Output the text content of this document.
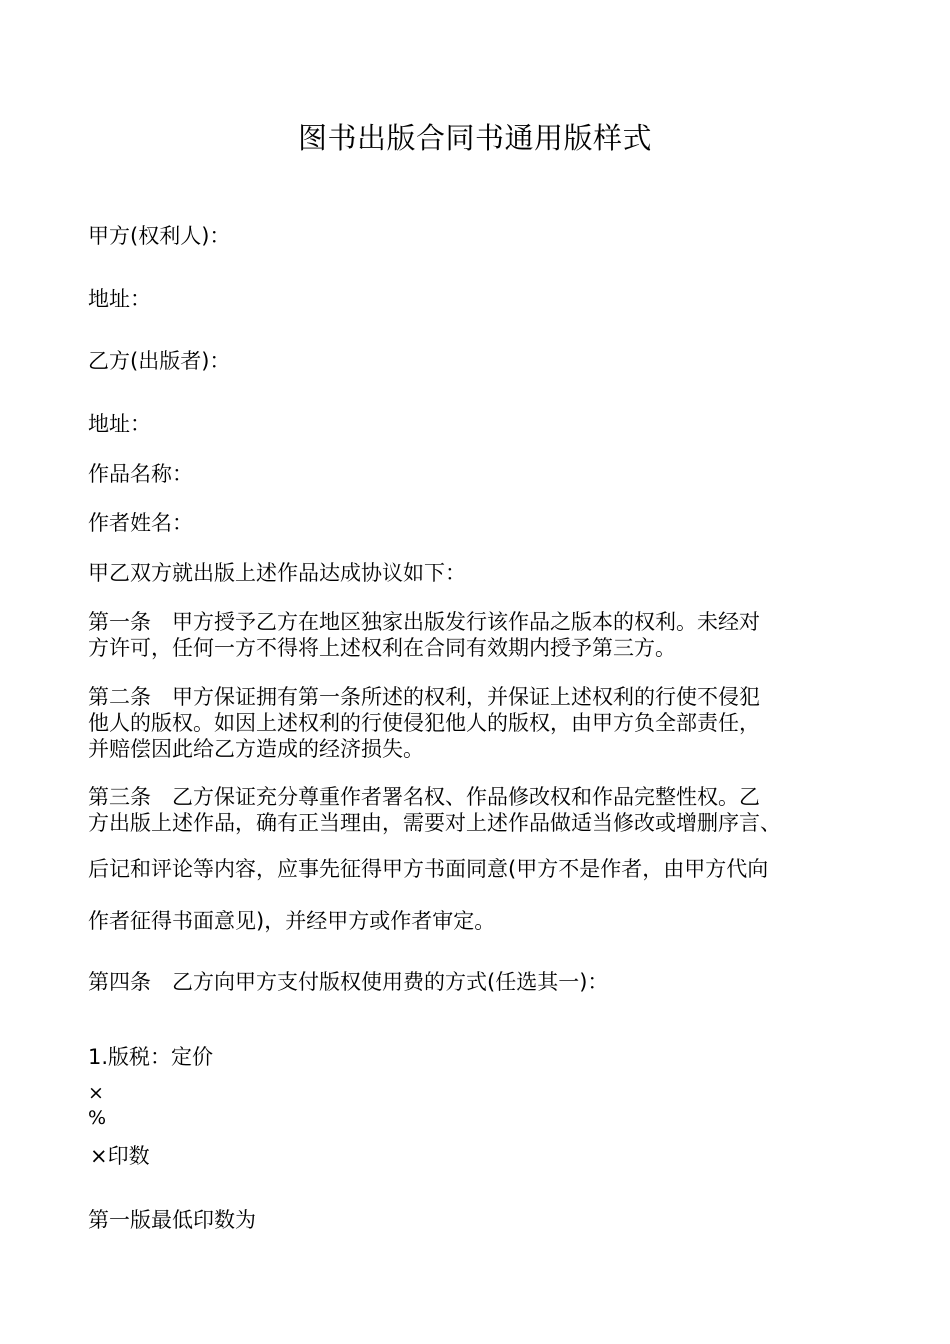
图书出版合同书通用版样式
甲方(权利人)：
地址：
乙方(出版者)：
地址：
作品名称：
作者姓名：
甲乙双方就出版上述作品达成协议如下：
第一条　甲方授予乙方在地区独家出版发行该作品之版本的权利。未经对
方许可，任何一方不得将上述权利在合同有效期内授予第三方。
第二条　甲方保证拥有第一条所述的权利，并保证上述权利的行使不侵犯
他人的版权。如因上述权利的行使侵犯他人的版权，由甲方负全部责任，
并赔偿因此给乙方造成的经济损失。
第三条　乙方保证充分尊重作者署名权、作品修改权和作品完整性权。乙
方出版上述作品，确有正当理由，需要对上述作品做适当修改或增删序言、
后记和评论等内容，应事先征得甲方书面同意(甲方不是作者，由甲方代向
作者征得书面意见)，并经甲方或作者审定。
第四条　乙方向甲方支付版权使用费的方式(任选其一)：
1.版税：定价
×
%
×印数
第一版最低印数为
